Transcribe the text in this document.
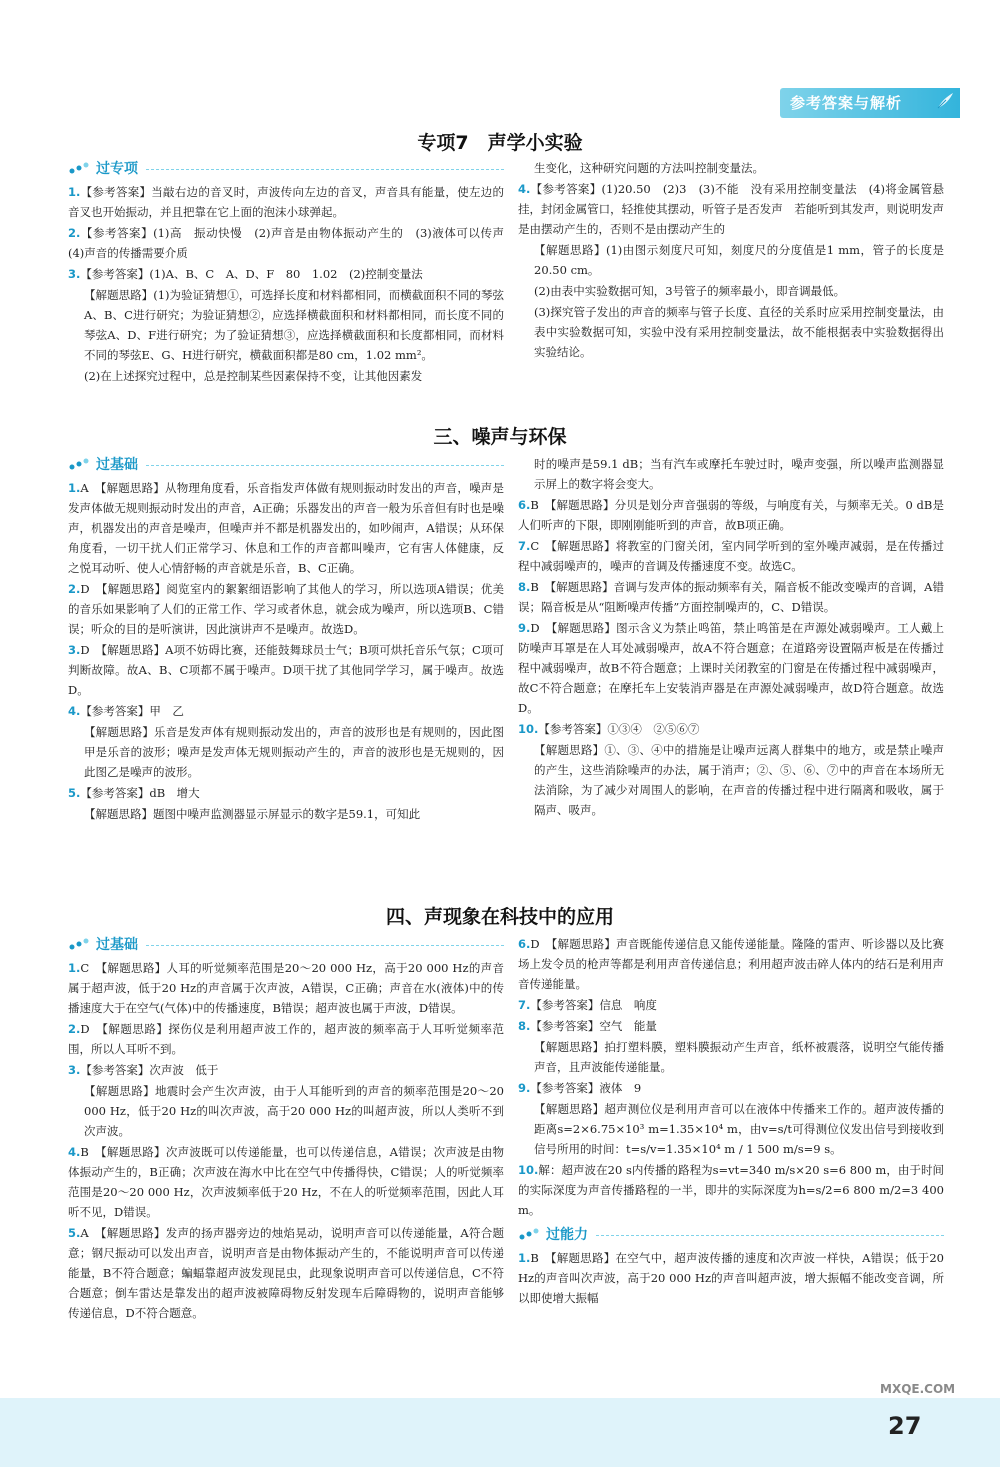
参考答案与解析
专项7　声学小实验
过专项
1.【参考答案】当敲右边的音叉时，声波传向左边的音叉，声音具有能量，使左边的音叉也开始振动，并且把靠在它上面的泡沫小球弹起。
2.【参考答案】(1)高　振动快慢　(2)声音是由物体振动产生的　(3)液体可以传声　(4)声音的传播需要介质
3.【参考答案】(1)A、B、C　A、D、F　80　1.02　(2)控制变量法
【解题思路】(1)为验证猜想①，可选择长度和材料都相同，而横截面积不同的琴弦A、B、C进行研究；为验证猜想②，应选择横截面积和材料都相同，而长度不同的琴弦A、D、F进行研究；为了验证猜想③，应选择横截面积和长度都相同，而材料不同的琴弦E、G、H进行研究，横截面积都是80 cm，1.02 mm²。
(2)在上述探究过程中，总是控制某些因素保持不变，让其他因素发
生变化，这种研究问题的方法叫控制变量法。
4.【参考答案】(1)20.50　(2)3　(3)不能　没有采用控制变量法　(4)将金属管悬挂，封闭金属管口，轻推使其摆动，听管子是否发声　若能听到其发声，则说明发声是由摆动产生的，否则不是由摆动产生的
【解题思路】(1)由图示刻度尺可知，刻度尺的分度值是1 mm，管子的长度是20.50 cm。
(2)由表中实验数据可知，3号管子的频率最小，即音调最低。
(3)探究管子发出的声音的频率与管子长度、直径的关系时应采用控制变量法，由表中实验数据可知，实验中没有采用控制变量法，故不能根据表中实验数据得出实验结论。
三、噪声与环保
过基础
1.A　【解题思路】从物理角度看，乐音指发声体做有规则振动时发出的声音，噪声是发声体做无规则振动时发出的声音，A正确；乐器发出的声音一般为乐音但有时也是噪声，机器发出的声音是噪声，但噪声并不都是机器发出的，如吵闹声，A错误；从环保角度看，一切干扰人们正常学习、休息和工作的声音都叫噪声，它有害人体健康，反之悦耳动听、使人心情舒畅的声音就是乐音，B、C正确。
2.D　【解题思路】阅览室内的絮絮细语影响了其他人的学习，所以选项A错误；优美的音乐如果影响了人们的正常工作、学习或者休息，就会成为噪声，所以选项B、C错误；听众的目的是听演讲，因此演讲声不是噪声。故选D。
3.D　【解题思路】A项不妨碍比赛，还能鼓舞球员士气；B项可烘托音乐气氛；C项可判断故障。故A、B、C项都不属于噪声。D项干扰了其他同学学习，属于噪声。故选D。
4.【参考答案】甲　乙
【解题思路】乐音是发声体有规则振动发出的，声音的波形也是有规则的，因此图甲是乐音的波形；噪声是发声体无规则振动产生的，声音的波形也是无规则的，因此图乙是噪声的波形。
5.【参考答案】dB　增大
【解题思路】题图中噪声监测器显示屏显示的数字是59.1，可知此
时的噪声是59.1 dB；当有汽车或摩托车驶过时，噪声变强，所以噪声监测器显示屏上的数字将会变大。
6.B　【解题思路】分贝是划分声音强弱的等级，与响度有关，与频率无关。0 dB是人们听声的下限，即刚刚能听到的声音，故B项正确。
7.C　【解题思路】将教室的门窗关闭，室内同学听到的室外噪声减弱，是在传播过程中减弱噪声的，噪声的音调及传播速度不变。故选C。
8.B　【解题思路】音调与发声体的振动频率有关，隔音板不能改变噪声的音调，A错误；隔音板是从“阻断噪声传播”方面控制噪声的，C、D错误。
9.D　【解题思路】图示含义为禁止鸣笛，禁止鸣笛是在声源处减弱噪声。工人戴上防噪声耳罩是在人耳处减弱噪声，故A不符合题意；在道路旁设置隔声板是在传播过程中减弱噪声，故B不符合题意；上课时关闭教室的门窗是在传播过程中减弱噪声，故C不符合题意；在摩托车上安装消声器是在声源处减弱噪声，故D符合题意。故选D。
10.【参考答案】①③④　②⑤⑥⑦
【解题思路】①、③、④中的措施是让噪声远离人群集中的地方，或是禁止噪声的产生，这些消除噪声的办法，属于消声；②、⑤、⑥、⑦中的声音在本场所无法消除，为了减少对周围人的影响，在声音的传播过程中进行隔离和吸收，属于隔声、吸声。
四、声现象在科技中的应用
过基础
1.C　【解题思路】人耳的听觉频率范围是20～20 000 Hz，高于20 000 Hz的声音属于超声波，低于20 Hz的声音属于次声波，A错误，C正确；声音在水(液体)中的传播速度大于在空气(气体)中的传播速度，B错误；超声波也属于声波，D错误。
2.D　【解题思路】探伤仪是利用超声波工作的，超声波的频率高于人耳听觉频率范围，所以人耳听不到。
3.【参考答案】次声波　低于
【解题思路】地震时会产生次声波，由于人耳能听到的声音的频率范围是20～20 000 Hz，低于20 Hz的叫次声波，高于20 000 Hz的叫超声波，所以人类听不到次声波。
4.B　【解题思路】次声波既可以传递能量，也可以传递信息，A错误；次声波是由物体振动产生的，B正确；次声波在海水中比在空气中传播得快，C错误；人的听觉频率范围是20～20 000 Hz，次声波频率低于20 Hz，不在人的听觉频率范围，因此人耳听不见，D错误。
5.A　【解题思路】发声的扬声器旁边的烛焰晃动，说明声音可以传递能量，A符合题意；钢尺振动可以发出声音，说明声音是由物体振动产生的，不能说明声音可以传递能量，B不符合题意；蝙蝠靠超声波发现昆虫，此现象说明声音可以传递信息，C不符合题意；倒车雷达是靠发出的超声波被障碍物反射发现车后障碍物的，说明声音能够传递信息，D不符合题意。
6.D　【解题思路】声音既能传递信息又能传递能量。隆隆的雷声、听诊器以及比赛场上发令员的枪声等都是利用声音传递信息；利用超声波击碎人体内的结石是利用声音传递能量。
7.【参考答案】信息　响度
8.【参考答案】空气　能量
【解题思路】拍打塑料膜，塑料膜振动产生声音，纸杯被震落，说明空气能传播声音，且声波能传递能量。
9.【参考答案】液体　9
【解题思路】超声测位仪是利用声音可以在液体中传播来工作的。超声波传播的距离s=2×6.75×10³ m=1.35×10⁴ m，由v=s/t可得测位仪发出信号到接收到信号所用的时间：t=s/v=1.35×10⁴ m / 1 500 m/s=9 s。
10.解：超声波在20 s内传播的路程为s=vt=340 m/s×20 s=6 800 m，由于时间的实际深度为声音传播路程的一半，即井的实际深度为h=s/2=6 800 m/2=3 400 m。
过能力
1.B　【解题思路】在空气中，超声波传播的速度和次声波一样快，A错误；低于20 Hz的声音叫次声波，高于20 000 Hz的声音叫超声波，增大振幅不能改变音调，所以即使增大振幅
MXQE.COM
27
